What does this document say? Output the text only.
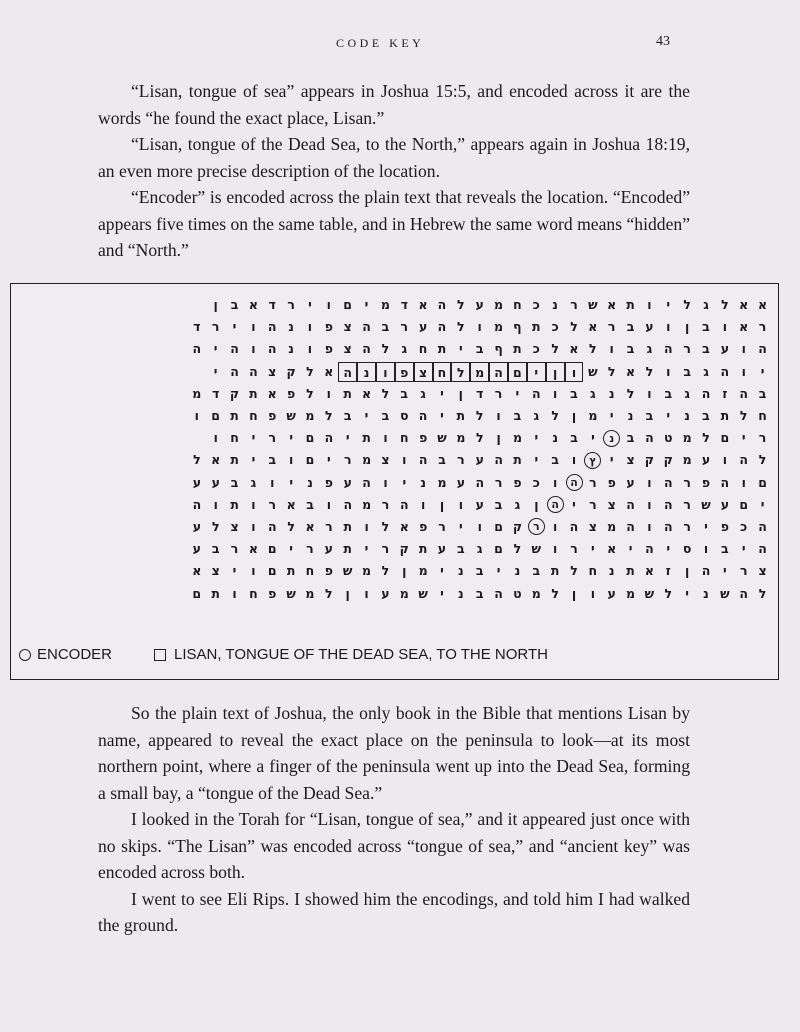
CODE KEY	43

“Lisan, tongue of sea” appears in Joshua 15:5, and encoded across it are the words “he found the exact place, Lisan.”

“Lisan, tongue of the Dead Sea, to the North,” appears again in Joshua 18:19, an even more precise description of the location.

“Encoder” is encoded across the plain text that reveals the location. “Encoded” appears five times on the same table, and in Hebrew the same word means “hidden” and “North.”

א
א
ל
ג
ל
י
ו
ת
א
ש
ר
נ
כ
ח
מ
ע
ל
ה
א
ד
מ
י
ם
ו
י
ר
ד
א
ב
ן
ר
א
ו
ב
ן
ו
ע
ב
ר
א
ל
כ
ת
ף
מ
ו
ל
ה
ע
ר
ב
ה
צ
פ
ו
נ
ה
ו
י
ר
ד
ה
ו
ע
ב
ר
ה
ג
ב
ו
ל
א
ל
כ
ת
ף
ב
י
ת
ח
ג
ל
ה
צ
פ
ו
נ
ה
ו
ה
י
ה
י
ו
ה
ג
ב
ו
ל
א
ל
ש
ו
ן
י
ם
ה
מ
ל
ח
צ
פ
ו
נ
ה
א
ל
ק
צ
ה
ה
י
ב
ה
ז
ה
ג
ב
ו
ל
נ
ג
ב
ו
ה
י
ר
ד
ן
י
ג
ב
ל
א
ת
ו
ל
פ
א
ת
ק
ד
מ
ח
ל
ת
ב
נ
י
ב
נ
י
מ
ן
ל
ג
ב
ו
ל
ת
י
ה
ס
ב
י
ב
ל
מ
ש
פ
ח
ת
ם
ו
ר
י
ם
ל
מ
ט
ה
ב
נ
י
ב
נ
י
מ
ן
ל
מ
ש
פ
ח
ו
ת
י
ה
ם
י
ר
י
ח
ו
ל
ה
ו
ע
מ
ק
ק
צ
י
ץ
ו
ב
י
ת
ה
ע
ר
ב
ה
ו
צ
מ
ר
י
ם
ו
ב
י
ת
א
ל
ם
ו
ה
פ
ר
ה
ו
ע
פ
ר
ה
ו
כ
פ
ר
ה
ע
מ
נ
י
ו
ה
ע
פ
נ
י
ו
ג
ב
ע
ע
י
ם
ע
ש
ר
ה
ו
ה
צ
ר
י
ה
ן
ג
ב
ע
ו
ן
ו
ה
ר
מ
ה
ו
ב
א
ר
ו
ת
ו
ה
ה
כ
פ
י
ר
ה
ו
ה
מ
צ
ה
ו
ר
ק
ם
ו
י
ר
פ
א
ל
ו
ת
ר
א
ל
ה
ו
צ
ל
ע
ה
י
ב
ו
ס
י
ה
י
א
י
ר
ו
ש
ל
ם
ג
ב
ע
ת
ק
ר
י
ת
ע
ר
י
ם
א
ר
ב
ע
צ
ר
י
ה
ן
ז
א
ת
נ
ח
ל
ת
ב
נ
י
ב
נ
י
מ
ן
ל
מ
ש
פ
ח
ת
ם
ו
י
צ
א
ל
ה
ש
נ
י
ל
ש
מ
ע
ו
ן
ל
מ
ט
ה
ב
נ
י
ש
מ
ע
ו
ן
ל
מ
ש
פ
ח
ו
ת
ם
ENCODER	LISAN, TONGUE OF THE DEAD SEA, TO THE NORTH

So the plain text of Joshua, the only book in the Bible that mentions Lisan by name, appeared to reveal the exact place on the peninsula to look—at its most northern point, where a finger of the peninsula went up into the Dead Sea, forming a small bay, a “tongue of the Dead Sea.”

I looked in the Torah for “Lisan, tongue of sea,” and it appeared just once with no skips. “The Lisan” was encoded across “tongue of sea,” and “ancient key” was encoded across both.

I went to see Eli Rips. I showed him the encodings, and told him I had walked the ground.
